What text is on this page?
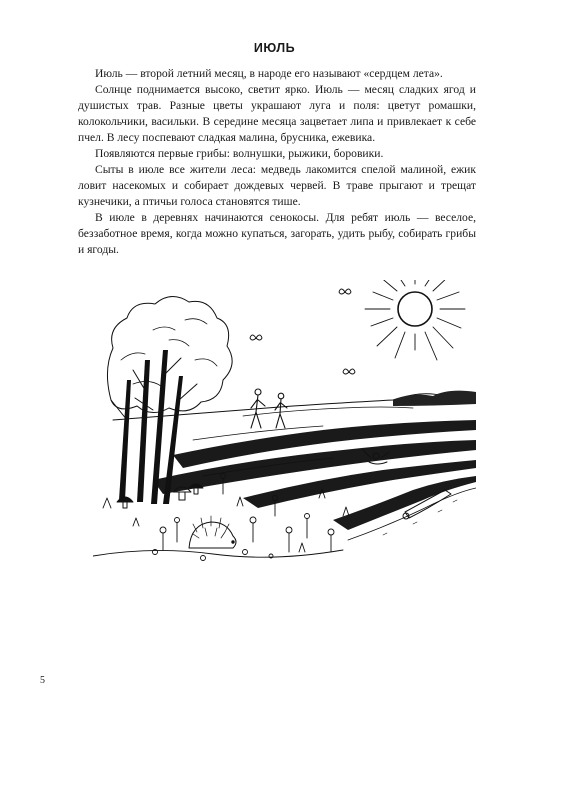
ИЮЛЬ

Июль — второй летний месяц, в народе его называют «сердцем лета».

Солнце поднимается высоко, светит ярко. Июль — месяц сладких ягод и душистых трав. Разные цветы украшают луга и поля: цветут ромашки, колокольчики, васильки. В середине месяца зацветает липа и привлекает к себе пчел. В лесу поспевают сладкая малина, брусника, ежевика.

Появляются первые грибы: волнушки, рыжики, боровики.

Сыты в июле все жители леса: медведь лакомится спелой малиной, ежик ловит насекомых и собирает дождевых червей. В траве прыгают и трещат кузнечики, а птичьи голоса становятся тише.

В июле в деревнях начинаются сенокосы. Для ребят июль — веселое, беззаботное время, когда можно купаться, загорать, удить рыбу, собирать грибы и ягоды.

5
